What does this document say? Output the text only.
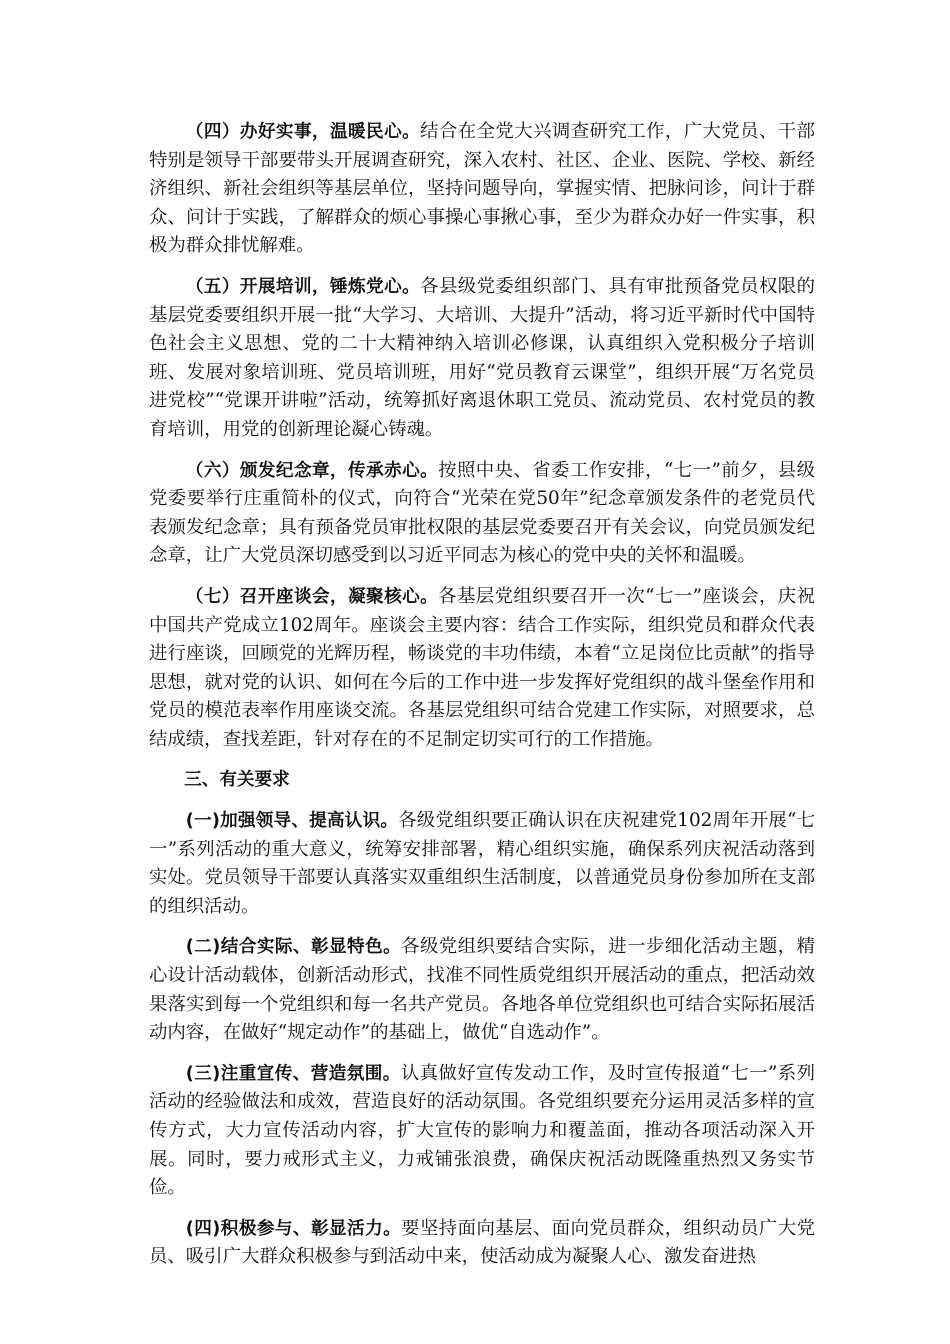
（四）办好实事，温暖民心。结合在全党大兴调查研究工作，广大党员、干部特别是领导干部要带头开展调查研究，深入农村、社区、企业、医院、学校、新经济组织、新社会组织等基层单位，坚持问题导向，掌握实情、把脉问诊，问计于群众、问计于实践，了解群众的烦心事操心事揪心事，至少为群众办好一件实事，积极为群众排忧解难。

（五）开展培训，锤炼党心。各县级党委组织部门、具有审批预备党员权限的基层党委要组织开展一批“大学习、大培训、大提升”活动，将习近平新时代中国特色社会主义思想、党的二十大精神纳入培训必修课，认真组织入党积极分子培训班、发展对象培训班、党员培训班，用好“党员教育云课堂”，组织开展“万名党员进党校”“党课开讲啦”活动，统筹抓好离退休职工党员、流动党员、农村党员的教育培训，用党的创新理论凝心铸魂。

（六）颁发纪念章，传承赤心。按照中央、省委工作安排，“七一”前夕，县级党委要举行庄重简朴的仪式，向符合“光荣在党50年”纪念章颁发条件的老党员代表颁发纪念章；具有预备党员审批权限的基层党委要召开有关会议，向党员颁发纪念章，让广大党员深切感受到以习近平同志为核心的党中央的关怀和温暖。

（七）召开座谈会，凝聚核心。各基层党组织要召开一次“七一”座谈会，庆祝中国共产党成立102周年。座谈会主要内容：结合工作实际，组织党员和群众代表进行座谈，回顾党的光辉历程，畅谈党的丰功伟绩，本着“立足岗位比贡献”的指导思想，就对党的认识、如何在今后的工作中进一步发挥好党组织的战斗堡垒作用和党员的模范表率作用座谈交流。各基层党组织可结合党建工作实际，对照要求，总结成绩，查找差距，针对存在的不足制定切实可行的工作措施。

三、有关要求

(一)加强领导、提高认识。各级党组织要正确认识在庆祝建党102周年开展“七一”系列活动的重大意义，统筹安排部署，精心组织实施，确保系列庆祝活动落到实处。党员领导干部要认真落实双重组织生活制度，以普通党员身份参加所在支部的组织活动。

(二)结合实际、彰显特色。各级党组织要结合实际，进一步细化活动主题，精心设计活动载体，创新活动形式，找准不同性质党组织开展活动的重点，把活动效果落实到每一个党组织和每一名共产党员。各地各单位党组织也可结合实际拓展活动内容，在做好“规定动作”的基础上，做优“自选动作”。

(三)注重宣传、营造氛围。认真做好宣传发动工作，及时宣传报道“七一”系列活动的经验做法和成效，营造良好的活动氛围。各党组织要充分运用灵活多样的宣传方式，大力宣传活动内容，扩大宣传的影响力和覆盖面，推动各项活动深入开展。同时，要力戒形式主义，力戒铺张浪费，确保庆祝活动既隆重热烈又务实节俭。

(四)积极参与、彰显活力。要坚持面向基层、面向党员群众，组织动员广大党员、吸引广大群众积极参与到活动中来，使活动成为凝聚人心、激发奋进热
